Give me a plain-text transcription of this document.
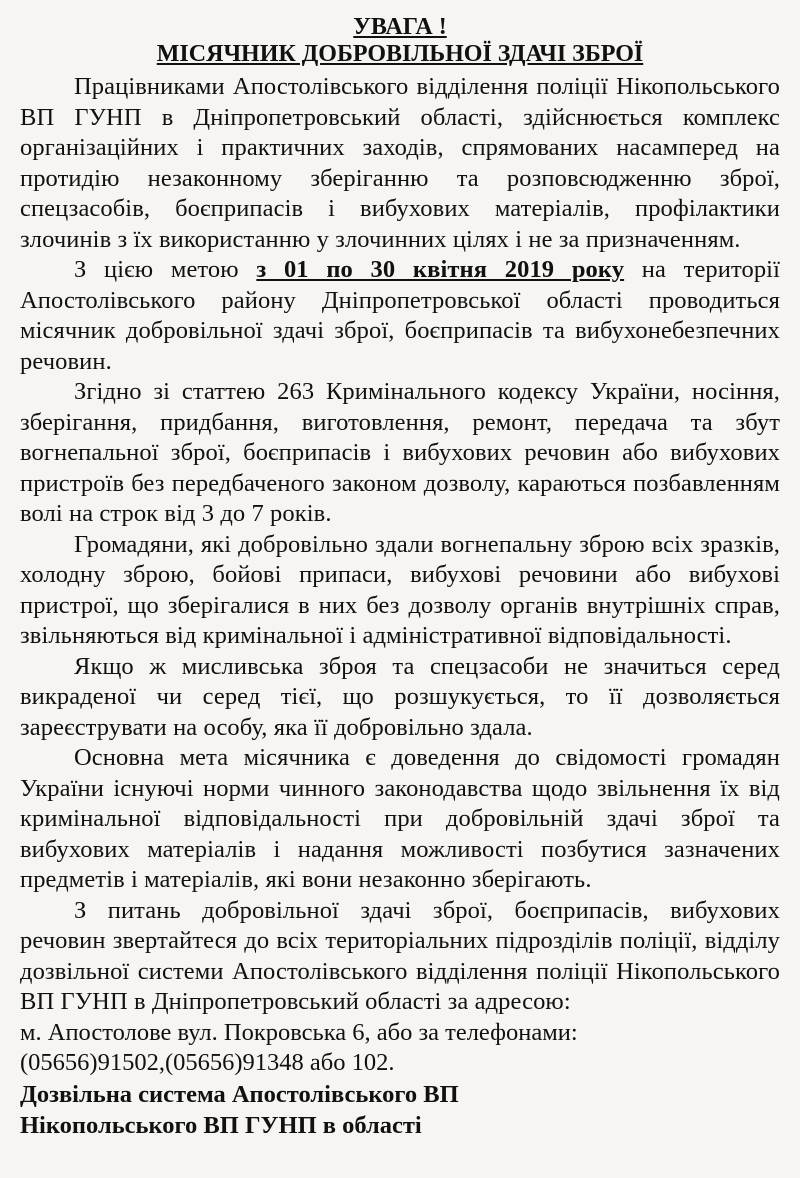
УВАГА !

МІСЯЧНИК ДОБРОВІЛЬНОЇ ЗДАЧІ ЗБРОЇ

Працівниками Апостолівського відділення поліції Нікопольського ВП ГУНП в Дніпропетровський області, здійснюється комплекс організаційних і практичних заходів, спрямованих насамперед на протидію незаконному зберіганню та розповсюдженню зброї, спецзасобів, боєприпасів і вибухових матеріалів, профілактики злочинів з їх використанню у злочинних цілях і не за призначенням.

З цією метою з 01 по 30 квітня 2019 року на території Апостолівського району Дніпропетровської області проводиться місячник добровільної здачі зброї, боєприпасів та вибухонебезпечних речовин.

Згідно зі статтею 263 Кримінального кодексу України, носіння, зберігання, придбання, виготовлення, ремонт, передача та збут вогнепальної зброї, боєприпасів і вибухових речовин або вибухових пристроїв без передбаченого законом дозволу, караються позбавленням волі на строк від 3 до 7 років.

Громадяни, які добровільно здали вогнепальну зброю всіх зразків, холодну зброю, бойові припаси, вибухові речовини або вибухові пристрої, що зберігалися в них без дозволу органів внутрішніх справ, звільняються від кримінальної і адміністративної відповідальності.

Якщо ж мисливська зброя та спецзасоби не значиться серед викраденої чи серед тієї, що розшукується, то її дозволяється зареєструвати на особу, яка її добровільно здала.

Основна мета місячника є доведення до свідомості громадян України існуючі норми чинного законодавства щодо звільнення їх від кримінальної відповідальності при добровільній здачі зброї та вибухових матеріалів і надання можливості позбутися зазначених предметів і матеріалів, які вони незаконно зберігають.

З питань добровільної здачі зброї, боєприпасів, вибухових речовин звертайтеся до всіх територіальних підрозділів поліції, відділу дозвільної системи Апостолівського відділення поліції Нікопольського ВП ГУНП в Дніпропетровський області за адресою:

м. Апостолове вул. Покровська 6, або за телефонами:

(05656)91502,(05656)91348 або 102.

Дозвільна система Апостолівського ВП

Нікопольського ВП ГУНП в області
